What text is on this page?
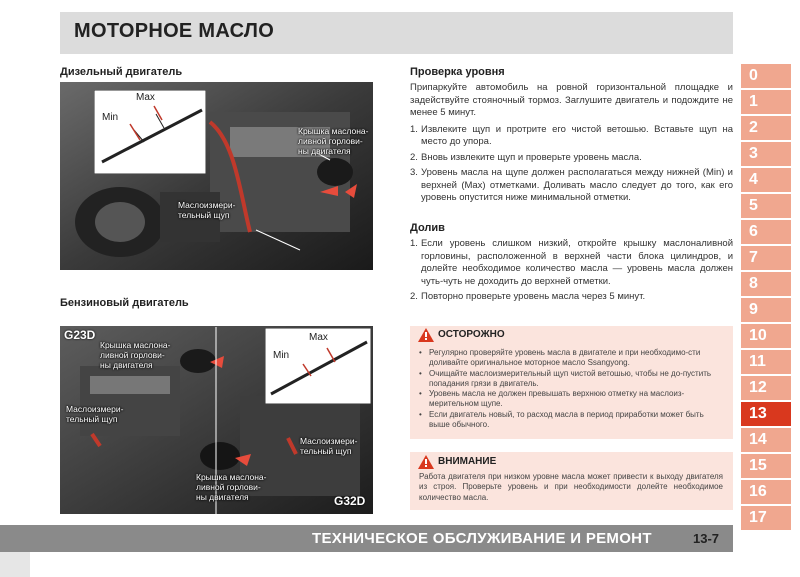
МОТОРНОЕ МАСЛО
0
1
2
3
4
5
6
7
8
9
10
11
12
13
14
15
16
17
Дизельный двигатель
Max
Min
Крышка маслона-
ливной горлови-
ны двигателя
Маслоизмери-
тельный щуп
Бензиновый двигатель
Max
Min
G23D
G32D
Крышка маслона-
ливной горлови-
ны двигателя
Маслоизмери-
тельный щуп
Крышка маслона-
ливной горлови-
ны двигателя
Маслоизмери-
тельный щуп
Проверка уровня

Припаркуйте автомобиль на ровной горизонтальной площадке и задействуйте стояночный тормоз. Заглушите двигатель и подождите не менее 5 минут.

1. Извлеките щуп и протрите его чистой ветошью. Вставьте щуп на место до упора.
2. Вновь извлеките щуп и проверьте уровень масла.
3. Уровень масла на щупе должен располагаться между нижней (Min) и верхней (Max) отметками. Доливать масло следует до того, как его уровень опустится ниже минимальной отметки.
Долив
1. Если уровень слишком низкий, откройте крышку маслоналивной горловины, расположенной в верхней части блока цилиндров, и долейте необходимое количество масла — уровень масла должен чуть-чуть не доходить до верхней отметки.
2. Повторно проверьте уровень масла через 5 минут.
ОСТОРОЖНО
• Регулярно проверяйте уровень масла в двигателе и при необходимо-сти доливайте оригинальное моторное масло Ssangyong.
• Очищайте маслоизмерительный щуп чистой ветошью, чтобы не до-пустить попадания грязи в двигатель.
• Уровень масла не должен превышать верхнюю отметку на маслоиз-мерительном щупе.
• Если двигатель новый, то расход масла в период приработки может быть выше обычного.
ВНИМАНИЕ
Работа двигателя при низком уровне масла может привести к выходу двигателя из строя. Проверьте уровень и при необходимости долейте необходимое количество масла.
ТЕХНИЧЕСКОЕ ОБСЛУЖИВАНИЕ И РЕМОНТ	13-7
